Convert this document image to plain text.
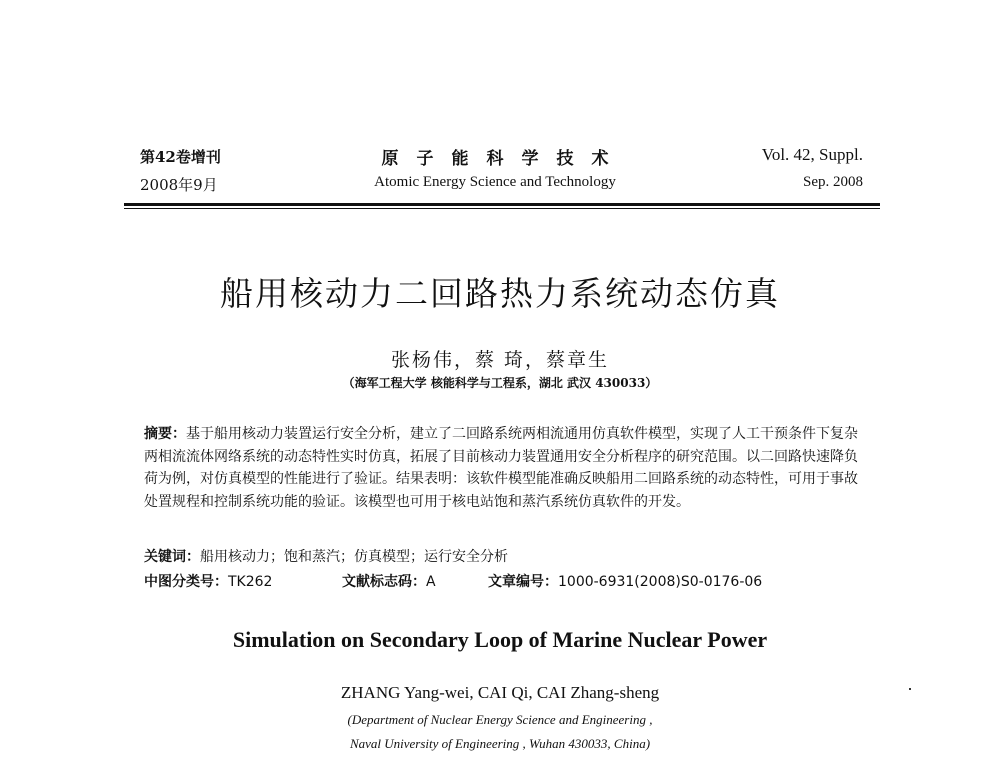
第42卷增刊
2008年9月
原子能科学技术
Atomic Energy Science and Technology
Vol. 42, Suppl.
Sep. 2008
船用核动力二回路热力系统动态仿真
张杨伟，蔡 琦，蔡章生
（海军工程大学 核能科学与工程系，湖北 武汉 430033）
摘要：基于船用核动力装置运行安全分析，建立了二回路系统两相流通用仿真软件模型，实现了人工干预条件下复杂两相流流体网络系统的动态特性实时仿真，拓展了目前核动力装置通用安全分析程序的研究范围。以二回路快速降负荷为例，对仿真模型的性能进行了验证。结果表明：该软件模型能准确反映船用二回路系统的动态特性，可用于事故处置规程和控制系统功能的验证。该模型也可用于核电站饱和蒸汽系统仿真软件的开发。
关键词：船用核动力；饱和蒸汽；仿真模型；运行安全分析
中图分类号：TK262	文献标志码：A	文章编号：1000-6931(2008)S0-0176-06
Simulation on Secondary Loop of Marine Nuclear Power
ZHANG Yang-wei, CAI Qi, CAI Zhang-sheng
(Department of Nuclear Energy Science and Engineering ,
Naval University of Engineering , Wuhan 430033, China)
